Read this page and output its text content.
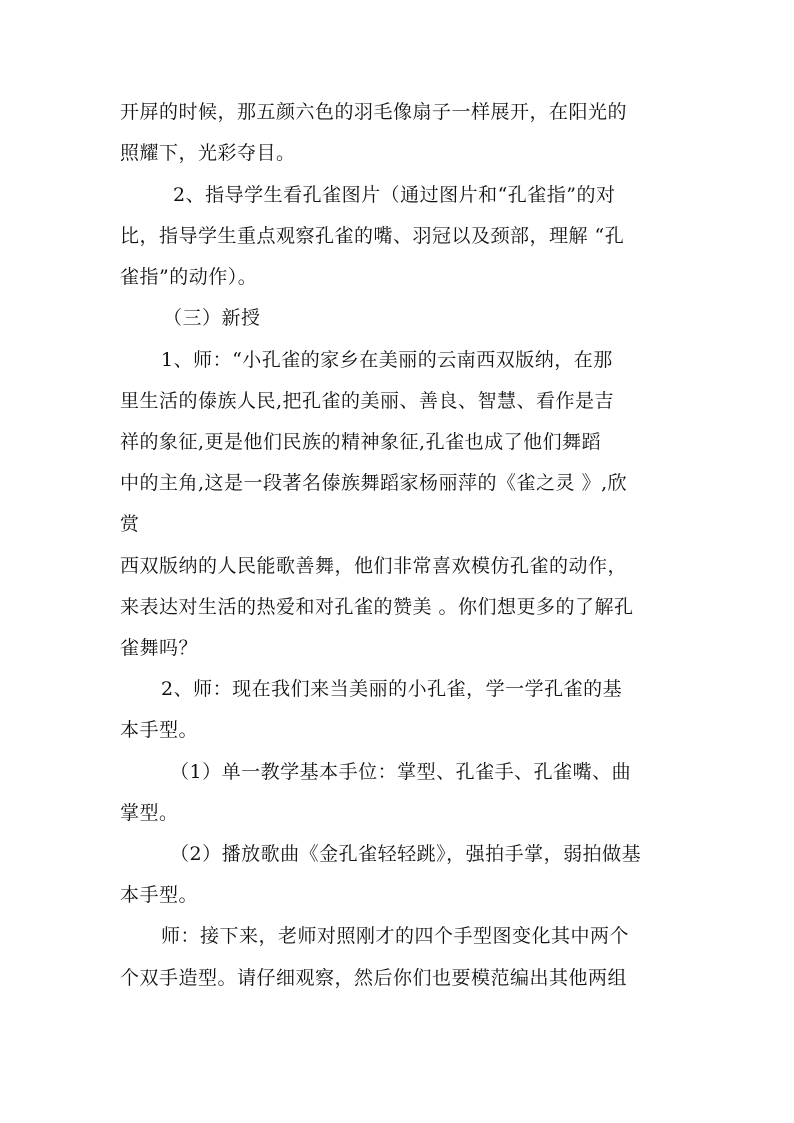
开屏的时候，那五颜六色的羽毛像扇子一样展开，在阳光的
照耀下，光彩夺目。
2、指导学生看孔雀图片（通过图片和“孔雀指”的对
比，指导学生重点观察孔雀的嘴、羽冠以及颈部，理解 “孔
雀指”的动作）。
（三）新授
1、师：“小孔雀的家乡在美丽的云南西双版纳，在那
里生活的傣族人民,把孔雀的美丽、善良、智慧、看作是吉
祥的象征,更是他们民族的精神象征,孔雀也成了他们舞蹈
中的主角,这是一段著名傣族舞蹈家杨丽萍的《雀之灵 》,欣
赏
西双版纳的人民能歌善舞，他们非常喜欢模仿孔雀的动作，
来表达对生活的热爱和对孔雀的赞美 。你们想更多的了解孔
雀舞吗？
2、师：现在我们来当美丽的小孔雀，学一学孔雀的基
本手型。
（1）单一教学基本手位：掌型、孔雀手、孔雀嘴、曲
掌型。
（2）播放歌曲《金孔雀轻轻跳》，强拍手掌，弱拍做基
本手型。
师：接下来，老师对照刚才的四个手型图变化其中两个
个双手造型。请仔细观察，然后你们也要模范编出其他两组
